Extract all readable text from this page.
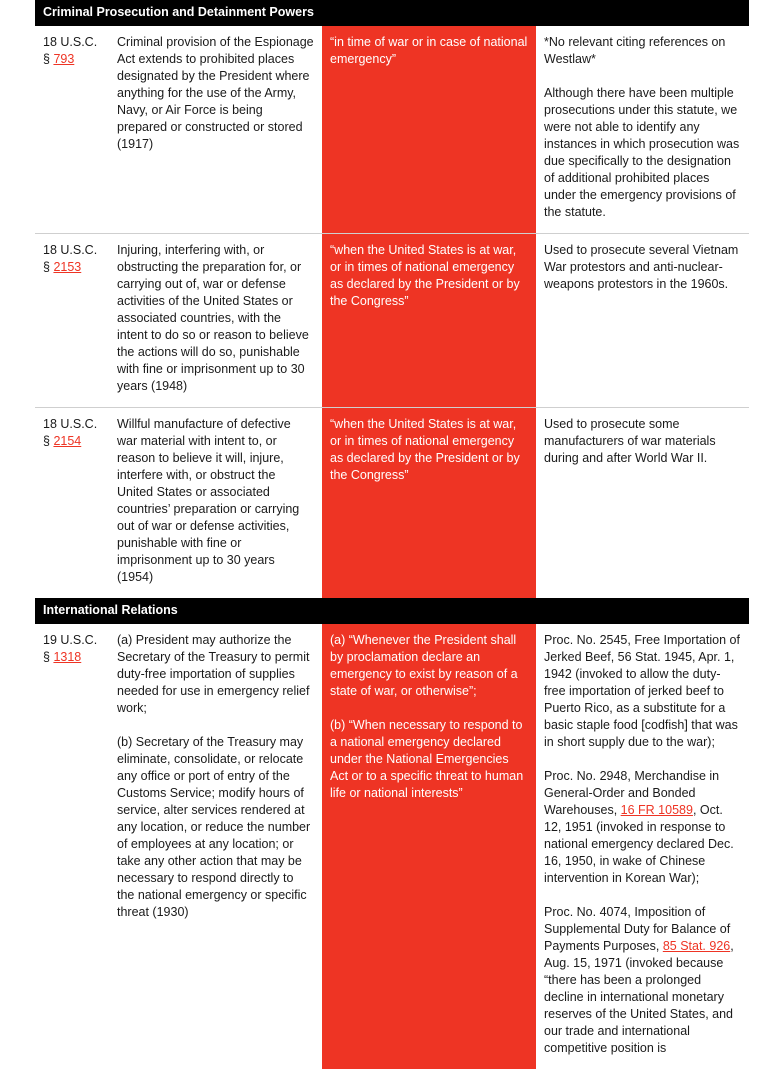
Criminal Prosecution and Detainment Powers
18 U.S.C.
§ 793

Criminal provision of the Espionage Act extends to prohibited places designated by the President where anything for the use of the Army, Navy, or Air Force is being prepared or constructed or stored (1917)

“in time of war or in case of national emergency”

*No relevant citing references on Westlaw*

Although there have been multiple prosecutions under this statute, we were not able to identify any instances in which prosecution was due specifically to the designation of additional prohibited places under the emergency provisions of the statute.

18 U.S.C.
§ 2153

Injuring, interfering with, or obstructing the preparation for, or carrying out of, war or defense activities of the United States or associated countries, with the intent to do so or reason to believe the actions will do so, punishable with fine or imprisonment up to 30 years (1948)

“when the United States is at war, or in times of national emergency as declared by the President or by the Congress”

Used to prosecute several Vietnam War protestors and anti-nuclear-weapons protestors in the 1960s.

18 U.S.C.
§ 2154

Willful manufacture of defective war material with intent to, or reason to believe it will, injure, interfere with, or obstruct the United States or associated countries’ preparation or carrying out of war or defense activities, punishable with fine or imprisonment up to 30 years (1954)

“when the United States is at war, or in times of national emergency as declared by the President or by the Congress”

Used to prosecute some manufacturers of war materials during and after World War II.

International Relations
19 U.S.C.
§ 1318

(a) President may authorize the Secretary of the Treasury to permit duty-free importation of supplies needed for use in emergency relief work;

(b) Secretary of the Treasury may eliminate, consolidate, or relocate any office or port of entry of the Customs Service; modify hours of service, alter services rendered at any location, or reduce the number of employees at any location; or take any other action that may be necessary to respond directly to the national emergency or specific threat (1930)

(a) “Whenever the President shall by proclamation declare an emergency to exist by reason of a state of war, or otherwise”;

(b) “When necessary to respond to a national emergency declared under the National Emergencies Act or to a specific threat to human life or national interests”

Proc. No. 2545, Free Importation of Jerked Beef, 56 Stat. 1945, Apr. 1, 1942 (invoked to allow the duty-free importation of jerked beef to Puerto Rico, as a substitute for a basic staple food [codfish] that was in short supply due to the war);

Proc. No. 2948, Merchandise in General-Order and Bonded Warehouses, 16 FR 10589, Oct. 12, 1951 (invoked in response to national emergency declared Dec. 16, 1950, in wake of Chinese intervention in Korean War);

Proc. No. 4074, Imposition of Supplemental Duty for Balance of Payments Purposes, 85 Stat. 926, Aug. 15, 1971 (invoked because “there has been a prolonged decline in international monetary reserves of the United States, and our trade and international competitive position is
